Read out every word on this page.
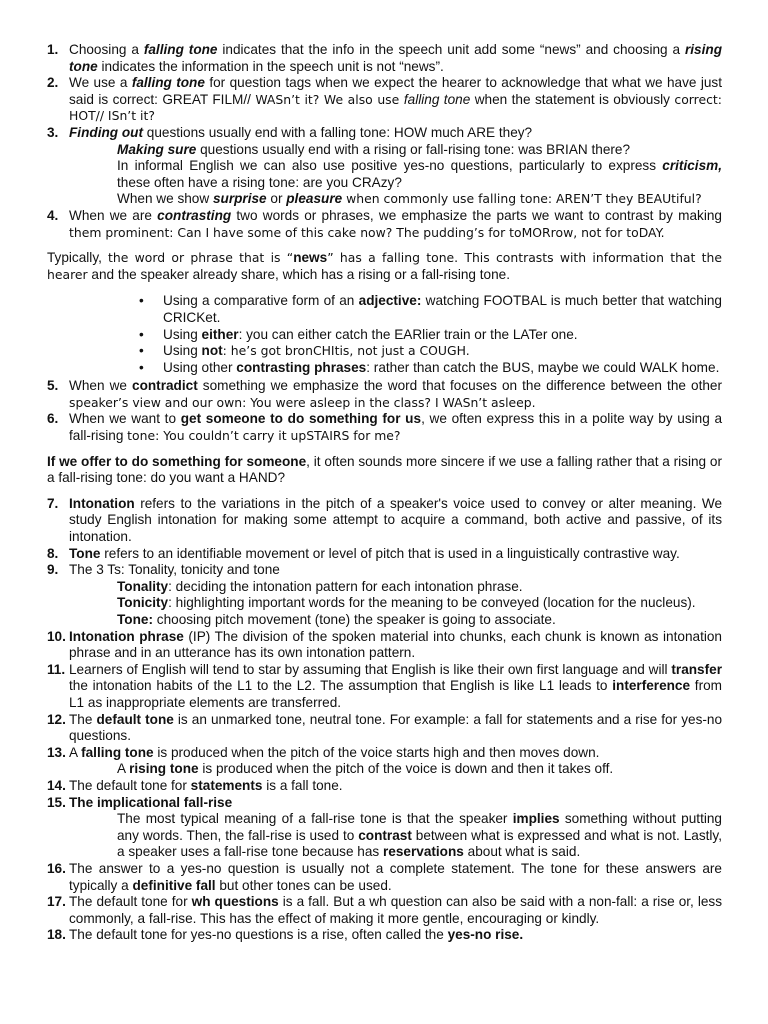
1. Choosing a falling tone indicates that the info in the speech unit add some “news” and choosing a rising tone indicates the information in the speech unit is not “news”.
2. We use a falling tone for question tags when we expect the hearer to acknowledge that what we have just said is correct: GREAT FILM// WASn’t it? We also use falling tone when the statement is obviously correct: HOT// ISn’t it?
3. Finding out questions usually end with a falling tone: HOW much ARE they?
Making sure questions usually end with a rising or fall-rising tone: was BRIAN there?
In informal English we can also use positive yes-no questions, particularly to express criticism, these often have a rising tone: are you CRAzy?
When we show surprise or pleasure when commonly use falling tone: AREN’T they BEAUtiful?
4. When we are contrasting two words or phrases, we emphasize the parts we want to contrast by making them prominent: Can I have some of this cake now? The pudding’s for toMORrow, not for toDAY.
Typically, the word or phrase that is “news” has a falling tone. This contrasts with information that the hearer and the speaker already share, which has a rising or a fall-rising tone.
• Using a comparative form of an adjective: watching FOOTBAL is much better that watching CRICKet.
• Using either: you can either catch the EARlier train or the LATer one.
• Using not: he’s got bronCHItis, not just a COUGH.
• Using other contrasting phrases: rather than catch the BUS, maybe we could WALK home.
5. When we contradict something we emphasize the word that focuses on the difference between the other speaker’s view and our own: You were asleep in the class? I WASn’t asleep.
6. When we want to get someone to do something for us, we often express this in a polite way by using a fall-rising tone: You couldn’t carry it upSTAIRS for me?
If we offer to do something for someone, it often sounds more sincere if we use a falling rather that a rising or a fall-rising tone: do you want a HAND?
7. Intonation refers to the variations in the pitch of a speaker's voice used to convey or alter meaning. We study English intonation for making some attempt to acquire a command, both active and passive, of its intonation.
8. Tone refers to an identifiable movement or level of pitch that is used in a linguistically contrastive way.
9. The 3 Ts: Tonality, tonicity and tone
Tonality: deciding the intonation pattern for each intonation phrase.
Tonicity: highlighting important words for the meaning to be conveyed (location for the nucleus).
Tone: choosing pitch movement (tone) the speaker is going to associate.
10. Intonation phrase (IP) The division of the spoken material into chunks, each chunk is known as intonation phrase and in an utterance has its own intonation pattern.
11. Learners of English will tend to star by assuming that English is like their own first language and will transfer the intonation habits of the L1 to the L2. The assumption that English is like L1 leads to interference from L1 as inappropriate elements are transferred.
12. The default tone is an unmarked tone, neutral tone. For example: a fall for statements and a rise for yes-no questions.
13. A falling tone is produced when the pitch of the voice starts high and then moves down.
A rising tone is produced when the pitch of the voice is down and then it takes off.
14. The default tone for statements is a fall tone.
15. The implicational fall-rise
The most typical meaning of a fall-rise tone is that the speaker implies something without putting any words. Then, the fall-rise is used to contrast between what is expressed and what is not. Lastly, a speaker uses a fall-rise tone because has reservations about what is said.
16. The answer to a yes-no question is usually not a complete statement. The tone for these answers are typically a definitive fall but other tones can be used.
17. The default tone for wh questions is a fall. But a wh question can also be said with a non-fall: a rise or, less commonly, a fall-rise. This has the effect of making it more gentle, encouraging or kindly.
18. The default tone for yes-no questions is a rise, often called the yes-no rise.
